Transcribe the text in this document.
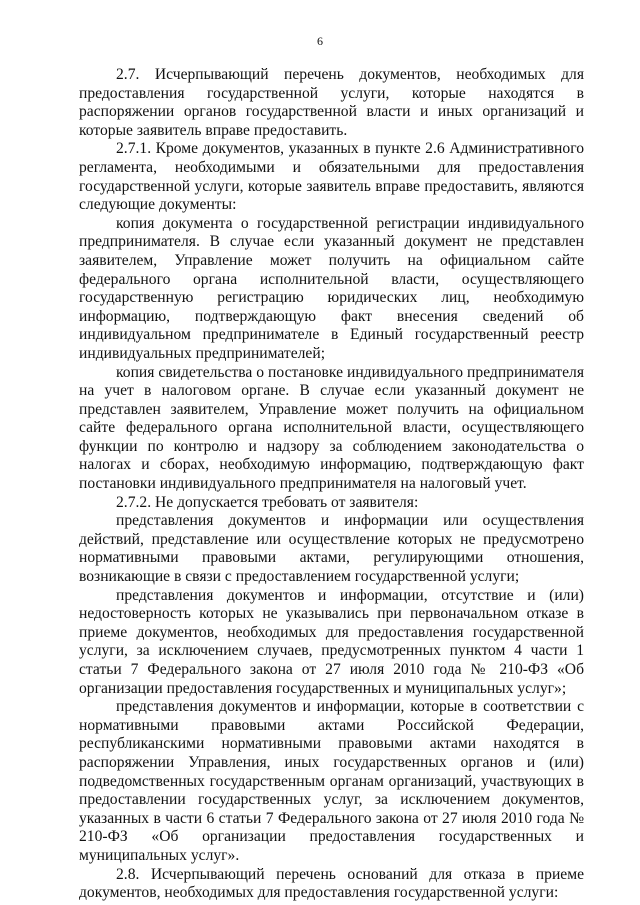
6

2.7. Исчерпывающий перечень документов, необходимых для предоставления государственной услуги, которые находятся в распоряжении органов государственной власти и иных организаций и которые заявитель вправе предоставить.

2.7.1. Кроме документов, указанных в пункте 2.6 Административного регламента, необходимыми и обязательными для предоставления государственной услуги, которые заявитель вправе предоставить, являются следующие документы:

копия документа о государственной регистрации индивидуального предпринимателя. В случае если указанный документ не представлен заявителем, Управление может получить на официальном сайте федерального органа исполнительной власти, осуществляющего государственную регистрацию юридических лиц, необходимую информацию, подтверждающую факт внесения сведений об индивидуальном предпринимателе в Единый государственный реестр индивидуальных предпринимателей;

копия свидетельства о постановке индивидуального предпринимателя на учет в налоговом органе. В случае если указанный документ не представлен заявителем, Управление может получить на официальном сайте федерального органа исполнительной власти, осуществляющего функции по контролю и надзору за соблюдением законодательства о налогах и сборах, необходимую информацию, подтверждающую факт постановки индивидуального предпринимателя на налоговый учет.

2.7.2. Не допускается требовать от заявителя:

представления документов и информации или осуществления действий, представление или осуществление которых не предусмотрено нормативными правовыми актами, регулирующими отношения, возникающие в связи с предоставлением государственной услуги;

представления документов и информации, отсутствие и (или) недостоверность которых не указывались при первоначальном отказе в приеме документов, необходимых для предоставления государственной услуги, за исключением случаев, предусмотренных пунктом 4 части 1 статьи 7 Федерального закона от 27 июля 2010 года № 210-ФЗ «Об организации предоставления государственных и муниципальных услуг»;

представления документов и информации, которые в соответствии с нормативными правовыми актами Российской Федерации, республиканскими нормативными правовыми актами находятся в распоряжении Управления, иных государственных органов и (или) подведомственных государственным органам организаций, участвующих в предоставлении государственных услуг, за исключением документов, указанных в части 6 статьи 7 Федерального закона от 27 июля 2010 года № 210-ФЗ «Об организации предоставления государственных и муниципальных услуг».

2.8. Исчерпывающий перечень оснований для отказа в приеме документов, необходимых для предоставления государственной услуги:
